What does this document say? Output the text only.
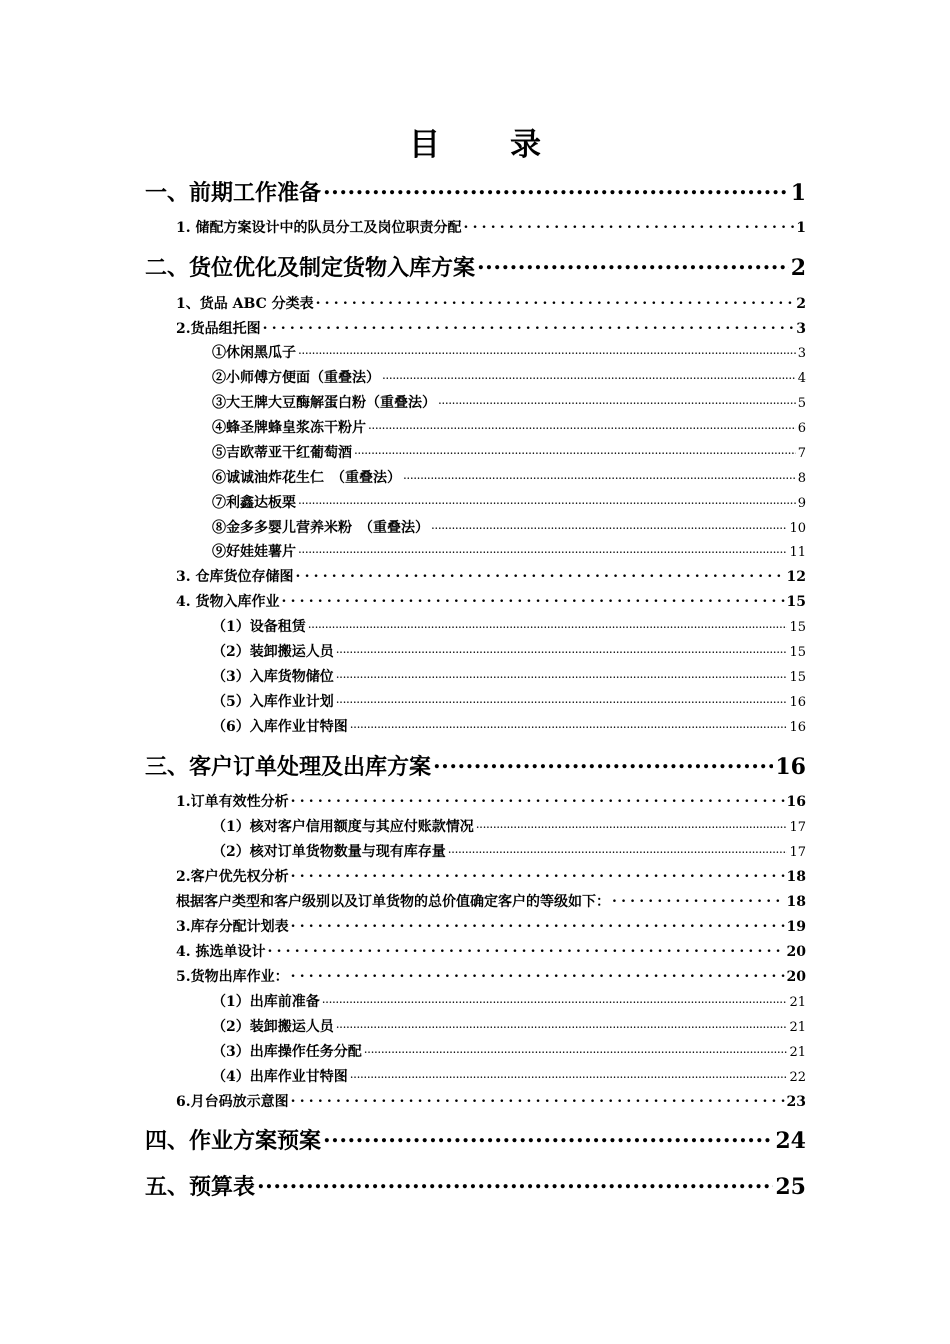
目 录
一、前期工作准备 .....	1
1. 储配方案设计中的队员分工及岗位职责分配 .....	1
二、货位优化及制定货物入库方案 .....	2
1、货品 ABC 分类表 .....	2
2.货品组托图 .....	3
①休闲黑瓜子 .....	3
②小师傅方便面（重叠法） .....	4
③大王牌大豆酶解蛋白粉（重叠法） .....	5
④蜂圣牌蜂皇浆冻干粉片 .....	6
⑤吉欧蒂亚干红葡萄酒 .....	7
⑥诚诚油炸花生仁　（重叠法） .....	8
⑦利鑫达板栗 .....	9
⑧金多多婴儿营养米粉　（重叠法） .....	10
⑨好娃娃薯片 .....	11
3. 仓库货位存储图 .....	12
4. 货物入库作业 .....	15
（1）设备租赁 .....	15
（2）装卸搬运人员 .....	15
（3）入库货物储位 .....	15
（5）入库作业计划 .....	16
（6）入库作业甘特图 .....	16
三、客户订单处理及出库方案 .....	16
1.订单有效性分析 .....	16
（1）核对客户信用额度与其应付账款情况 .....	17
（2）核对订单货物数量与现有库存量 .....	17
2.客户优先权分析 .....	18
根据客户类型和客户级别以及订单货物的总价值确定客户的等级如下： .....	18
3.库存分配计划表 .....	19
4. 拣选单设计 .....	20
5.货物出库作业： .....	20
（1）出库前准备 .....	21
（2）装卸搬运人员 .....	21
（3）出库操作任务分配 .....	21
（4）出库作业甘特图 .....	22
6.月台码放示意图 .....	23
四、作业方案预案 .....	24
五、预算表 .....	25
